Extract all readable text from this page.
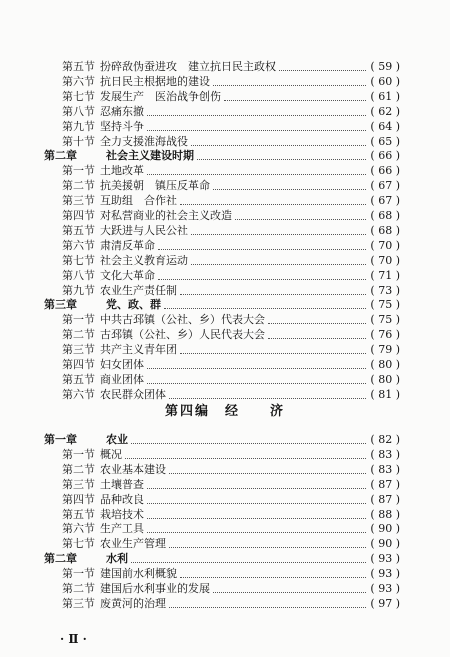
第五节 扮碎敌伪蚕进攻　建立抗日民主政权	( 59 )
第六节 抗日民主根据地的建设	( 60 )
第七节 发展生产　医治战争创伤	( 61 )
第八节 忍痛东撤	( 62 )
第九节 坚持斗争	( 64 )
第十节 全力支援淮海战役	( 65 )
第二章	社会主义建设时期	( 66 )
第一节 土地改革	( 66 )
第二节 抗美援朝　镇压反革命	( 67 )
第三节 互助组　合作社	( 67 )
第四节 对私营商业的社会主义改造	( 68 )
第五节 大跃进与人民公社	( 68 )
第六节 肃清反革命	( 70 )
第七节 社会主义教育运动	( 70 )
第八节 文化大革命	( 71 )
第九节 农业生产责任制	( 73 )
第三章	党、政、群	( 75 )
第一节 中共古邳镇（公社、乡）代表大会	( 75 )
第二节 古邳镇（公社、乡）人民代表大会	( 76 )
第三节 共产主义青年团	( 79 )
第四节 妇女团体	( 80 )
第五节 商业团体	( 80 )
第六节 农民群众团体	( 81 )
第四编　经　　济
第一章	农业	( 82 )
第一节 概况	( 83 )
第二节 农业基本建设	( 83 )
第三节 土壤普查	( 87 )
第四节 品种改良	( 87 )
第五节 栽培技术	( 88 )
第六节 生产工具	( 90 )
第七节 农业生产管理	( 90 )
第二章	水利	( 93 )
第一节 建国前水利概貌	( 93 )
第二节 建国后水利事业的发展	( 93 )
第三节 废黄河的治理	( 97 )
· Ⅱ ·
